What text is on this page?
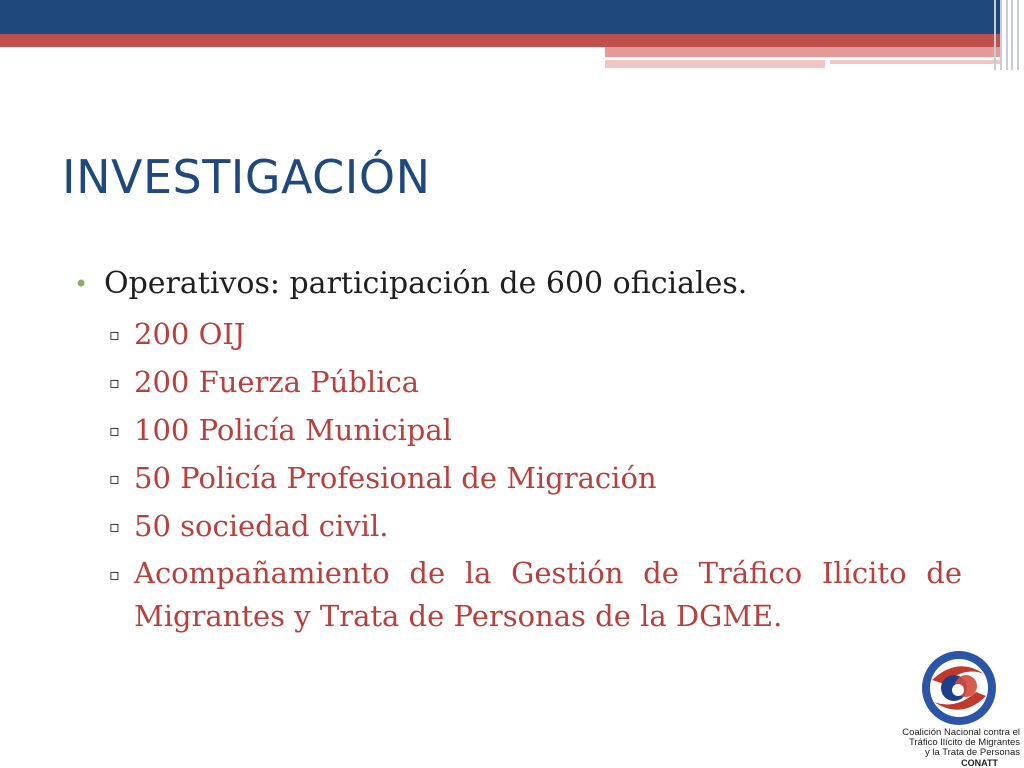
INVESTIGACIÓN
• Operativos: participación de 600 oficiales.
▫ 200 OIJ
▫ 200 Fuerza Pública
▫ 100 Policía Municipal
▫ 50 Policía Profesional de Migración
▫ 50 sociedad civil.
▫ Acompañamiento de la Gestión de Tráfico Ilícito de Migrantes y Trata de Personas de la DGME.
Coalición Nacional contra el
Tráfico Ilícito de Migrantes
y la Trata de Personas
CONATT
